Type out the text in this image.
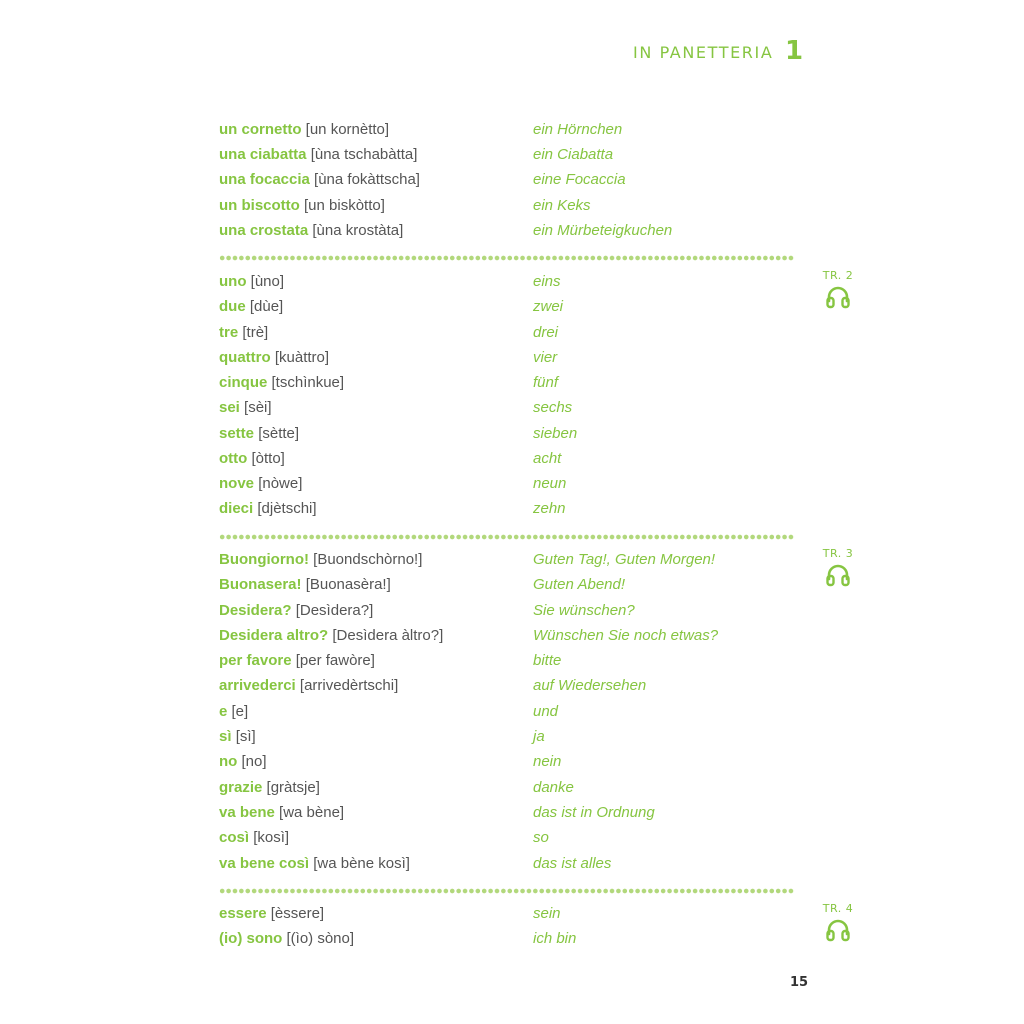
IN PANETTERIA 1
un cornetto [un kornètto]	ein Hörnchen
una ciabatta [ùna tschabàtta]	ein Ciabatta
una focaccia [ùna fokàttscha]	eine Focaccia
un biscotto [un biskòtto]	ein Keks
una crostata [ùna krostàta]	ein Mürbeteigkuchen
TR. 2
uno [ùno]	eins
due [dùe]	zwei
tre [trè]	drei
quattro [kuàttro]	vier
cinque [tschìnkue]	fünf
sei [sèi]	sechs
sette [sètte]	sieben
otto [òtto]	acht
nove [nòwe]	neun
dieci [djètschi]	zehn
TR. 3
Buongiorno! [Buondschòrno!]	Guten Tag!, Guten Morgen!
Buonasera! [Buonasèra!]	Guten Abend!
Desidera? [Desìdera?]	Sie wünschen?
Desidera altro? [Desìdera àltro?]	Wünschen Sie noch etwas?
per favore [per fawòre]	bitte
arrivederci [arrivedèrtschi]	auf Wiedersehen
e [e]	und
sì [sì]	ja
no [no]	nein
grazie [gràtsje]	danke
va bene [wa bène]	das ist in Ordnung
così [kosì]	so
va bene così [wa bène kosì]	das ist alles
TR. 4
essere [èssere]	sein
(io) sono [(ìo) sòno]	ich bin
15
